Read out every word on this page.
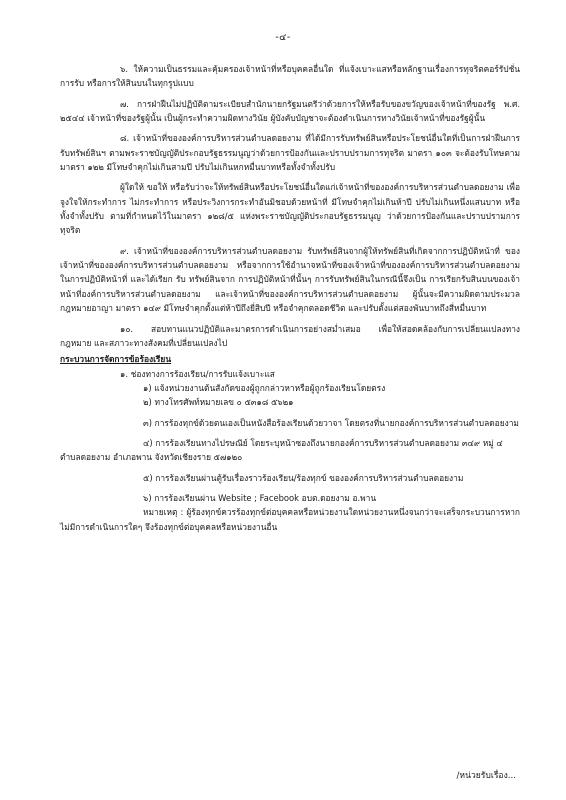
-๔-

๖. ให้ความเป็นธรรมและคุ้มครองเจ้าหน้าที่หรือบุคคลอื่นใด ที่แจ้งเบาะแสหรือหลักฐานเรื่องการทุจริตคอร์รัปชั่น การรับ หรือการให้สินบนในทุกรูปแบบ

๗. การฝ่าฝืนไม่ปฏิบัติตามระเบียบสำนักนายกรัฐมนตรีว่าด้วยการให้หรือรับของขวัญของเจ้าหน้าที่ของรัฐ พ.ศ. ๒๕๔๔ เจ้าหน้าที่ของรัฐผู้นั้น เป็นผู้กระทำความผิดทางวินัย ผู้บังคับบัญชาจะต้องดำเนินการทางวินัยเจ้าหน้าที่ของรัฐผู้นั้น

๘. เจ้าหน้าที่ขององค์การบริหารส่วนตำบลดอยงาม ที่ได้มีการรับทรัพย์สินหรือประโยชน์อื่นใดที่เป็นการฝ่าฝืนการรับทรัพย์สินฯ ตามพระราชบัญญัติประกอบรัฐธรรมนูญว่าด้วยการป้องกันและปราบปรามการทุจริต มาตรา ๑๐๓ จะต้องรับโทษตามมาตรา ๑๒๒ มีโทษจำคุกไม่เกินสามปี ปรับไม่เกินหกหมื่นบาทหรือทั้งจำทั้งปรับ

ผู้ใดให้ ขอให้ หรือรับว่าจะให้ทรัพย์สินหรือประโยชน์อื่นใดแก่เจ้าหน้าที่ขององค์การบริหารส่วนตำบลดอยงาม เพื่อจูงใจให้กระทำการ ไม่กระทำการ หรือประวิงการกระทำอันมิชอบด้วยหน้าที่ มีโทษจำคุกไม่เกินห้าปี ปรับไม่เกินหนึ่งแสนบาท หรือทั้งจำทั้งปรับ ตามที่กำหนดไว้ในมาตรา ๑๒๘/๕ แห่งพระราชบัญญัติประกอบรัฐธรรมนูญ ว่าด้วยการป้องกันและปราบปรามการทุจริต

๙. เจ้าหน้าที่ขององค์การบริหารส่วนตำบลดอยงาม รับทรัพย์สินจากผู้ให้ทรัพย์สินที่เกิดจากการปฏิบัติหน้าที่ ของเจ้าหน้าที่ขององค์การบริหารส่วนตำบลดอยงาม หรือจากการใช้อำนาจหน้าที่ของเจ้าหน้าที่ขององค์การบริหารส่วนตำบลดอยงาม ในการปฏิบัติหน้าที่ และได้เรียก รับ ทรัพย์สินจาก การปฏิบัติหน้าที่นั้นๆ การรับทรัพย์สินในกรณีนี้จึงเป็น การเรียกรับสินบนของเจ้าหน้าที่องค์การบริหารส่วนตำบลดอยงาม และเจ้าหน้าที่ขององค์การบริหารส่วนตำบลดอยงาม ผู้นั้นจะมีความผิดตามประมวลกฎหมายอาญา มาตรา ๑๔๙ มีโทษจำคุกตั้งแต่ห้าปีถึงยี่สิบปี หรือจำคุกตลอดชีวิต และปรับตั้งแต่สองพันบาทถึงสี่หมื่นบาท

๑๐. สอบทานแนวปฏิบัติและมาตรการดำเนินการอย่างสม่ำเสมอ เพื่อให้สอดคล้องกับการเปลี่ยนแปลงทางกฎหมาย และสภาวะทางสังคมที่เปลี่ยนแปลงไป

กระบวนการจัดการข้อร้องเรียน

๑. ช่องทางการร้องเรียน/การรับแจ้งเบาะแส

๑) แจ้งหน่วยงานต้นสังกัดของผู้ถูกกล่าวหาหรือผู้ถูกร้องเรียนโดยตรง

๒) ทางโทรศัพท์หมายเลข ๐ ๕๓๑๘ ๕๖๒๑

๓) การร้องทุกข์ด้วยตนเองเป็นหนังสือร้องเรียนด้วยวาจา โดยตรงที่นายกองค์การบริหารส่วนตำบลดอยงาม

๔) การร้องเรียนทางไปรษณีย์ โดยระบุหน้าซองถึงนายกองค์การบริหารส่วนตำบลดอยงาม ๓๔๙ หมู่ ๔ ตำบลดอยงาม อำเภอพาน จังหวัดเชียงราย ๕๗๑๒๐

๕) การร้องเรียนผ่านตู้รับเรื่องราวร้องเรียน/ร้องทุกข์ ขององค์การบริหารส่วนตำบลดอยงาม

๖) การร้องเรียนผ่าน Website ; Facebook อบต.ดอยงาม อ.พาน

หมายเหตุ : ผู้ร้องทุกข์ควรร้องทุกข์ต่อบุคคลหรือหน่วยงานใดหน่วยงานหนึ่งจนกว่าจะเสร็จกระบวนการหากไม่มีการดำเนินการใดๆ จึงร้องทุกข์ต่อบุคคลหรือหน่วยงานอื่น

/หน่วยรับเรื่อง...
